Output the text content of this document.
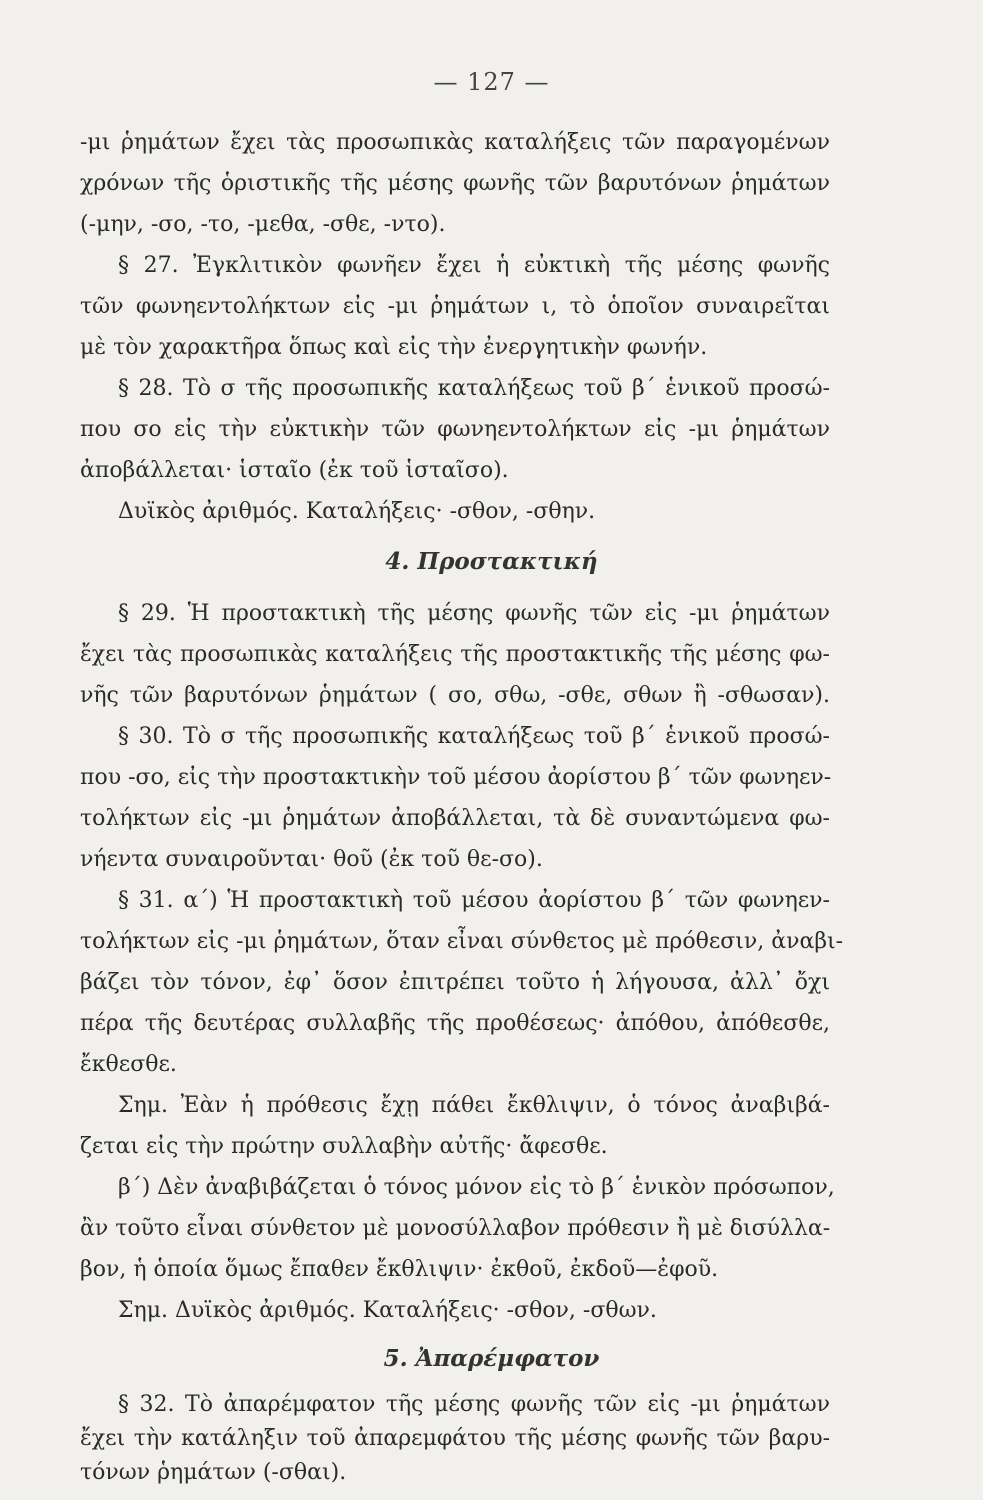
— 127 —
-μι ῥημάτων ἔχει τὰς προσωπικὰς καταλήξεις τῶν παραγομένων
χρόνων τῆς ὁριστικῆς τῆς μέσης φωνῆς τῶν βαρυτόνων ῥημάτων
(-μην, -σο, -το, -μεθα, -σθε, -ντο).
§ 27. Ἐγκλιτικὸν φωνῆεν ἔχει ἡ εὐκτικὴ τῆς μέσης φωνῆς
τῶν φωνηεντολήκτων εἰς -μι ῥημάτων ι, τὸ ὁποῖον συναιρεῖται
μὲ τὸν χαρακτῆρα ὅπως καὶ εἰς τὴν ἐνεργητικὴν φωνήν.
§ 28. Τὸ σ τῆς προσωπικῆς καταλήξεως τοῦ β΄ ἑνικοῦ προσώ-
που σο εἰς τὴν εὐκτικὴν τῶν φωνηεντολήκτων εἰς -μι ῥημάτων
ἀποβάλλεται· ἱσταῖο (ἐκ τοῦ ἱσταῖσο).
Δυϊκὸς ἀριθμός. Καταλήξεις· -σθον, -σθην.
4. Προστακτική
§ 29. Ἡ προστακτικὴ τῆς μέσης φωνῆς τῶν εἰς -μι ῥημάτων
ἔχει τὰς προσωπικὰς καταλήξεις τῆς προστακτικῆς τῆς μέσης φω-
νῆς τῶν βαρυτόνων ῥημάτων ( σο, σθω, -σθε, σθων ἢ -σθωσαν).
§ 30. Τὸ σ τῆς προσωπικῆς καταλήξεως τοῦ β΄ ἑνικοῦ προσώ-
που -σο, εἰς τὴν προστακτικὴν τοῦ μέσου ἀορίστου β΄ τῶν φωνηεν-
τολήκτων εἰς -μι ῥημάτων ἀποβάλλεται, τὰ δὲ συναντώμενα φω-
νήεντα συναιροῦνται· θοῦ (ἐκ τοῦ θε-σο).
§ 31. α΄) Ἡ προστακτικὴ τοῦ μέσου ἀορίστου β΄ τῶν φωνηεν-
τολήκτων εἰς -μι ῥημάτων, ὅταν εἶναι σύνθετος μὲ πρόθεσιν, ἀναβι-
βάζει τὸν τόνον, ἐφ᾽ ὅσον ἐπιτρέπει τοῦτο ἡ λήγουσα, ἀλλ᾽ ὄχι
πέρα τῆς δευτέρας συλλαβῆς τῆς προθέσεως· ἀπόθου, ἀπόθεσθε,
ἔκθεσθε.
Σημ. Ἐὰν ἡ πρόθεσις ἔχῃ πάθει ἔκθλιψιν, ὁ τόνος ἀναβιβά-
ζεται εἰς τὴν πρώτην συλλαβὴν αὐτῆς· ἄφεσθε.
β΄) Δὲν ἀναβιβάζεται ὁ τόνος μόνον εἰς τὸ β΄ ἑνικὸν πρόσωπον,
ἂν τοῦτο εἶναι σύνθετον μὲ μονοσύλλαβον πρόθεσιν ἢ μὲ δισύλλα-
βον, ἡ ὁποία ὅμως ἔπαθεν ἔκθλιψιν· ἐκθοῦ, ἐκδοῦ—ἐφοῦ.
Σημ. Δυϊκὸς ἀριθμός. Καταλήξεις· -σθον, -σθων.
5. Ἀπαρέμφατον
§ 32. Τὸ ἀπαρέμφατον τῆς μέσης φωνῆς τῶν εἰς -μι ῥημάτων
ἔχει τὴν κατάληξιν τοῦ ἀπαρεμφάτου τῆς μέσης φωνῆς τῶν βαρυ-
τόνων ῥημάτων (-σθαι).
